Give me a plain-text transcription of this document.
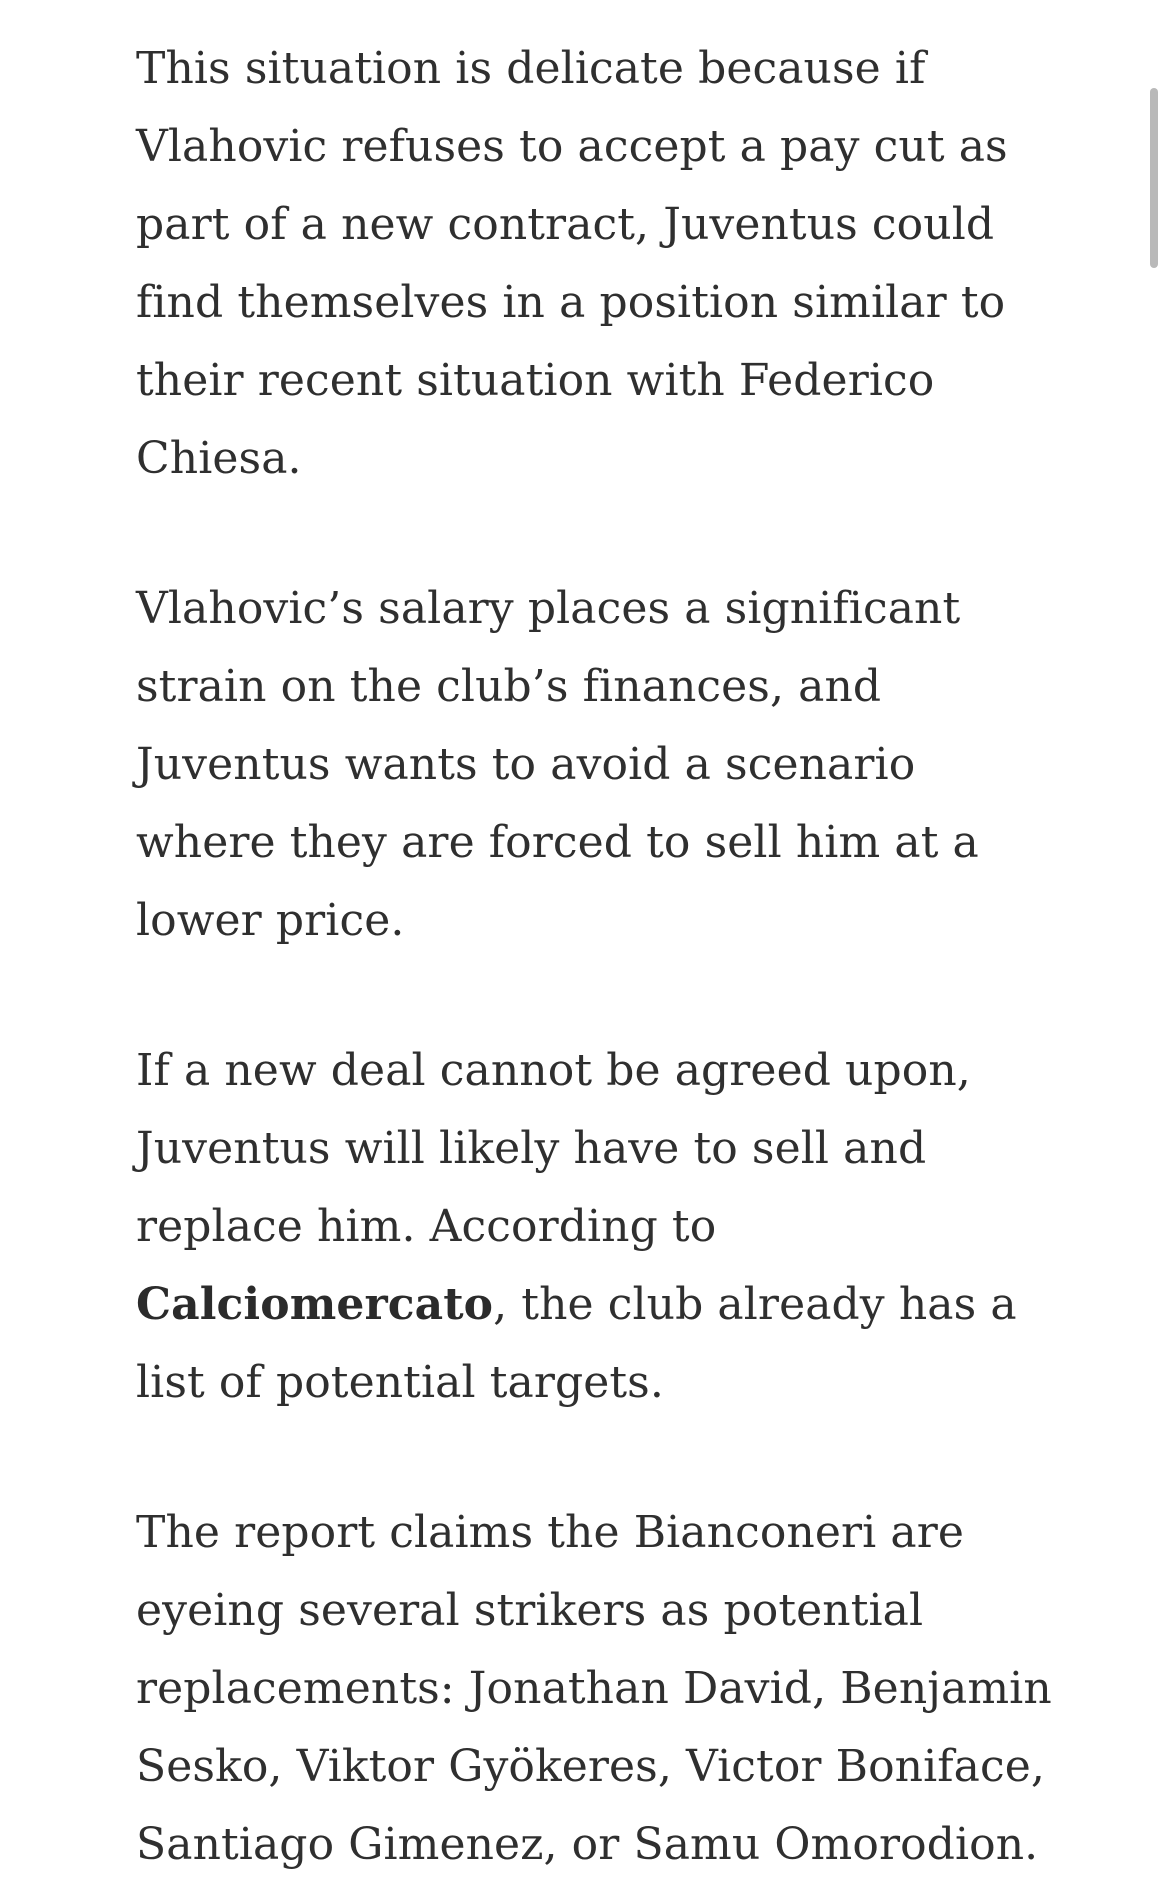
This situation is delicate because if Vlahovic refuses to accept a pay cut as part of a new contract, Juventus could find themselves in a position similar to their recent situation with Federico Chiesa.

Vlahovic’s salary places a significant strain on the club’s finances, and Juventus wants to avoid a scenario where they are forced to sell him at a lower price.

If a new deal cannot be agreed upon, Juventus will likely have to sell and replace him. According to Calciomercato, the club already has a list of potential targets.

The report claims the Bianconeri are eyeing several strikers as potential replacements: Jonathan David, Benjamin Sesko, Viktor Gyökeres, Victor Boniface, Santiago Gimenez, or Samu Omorodion.
